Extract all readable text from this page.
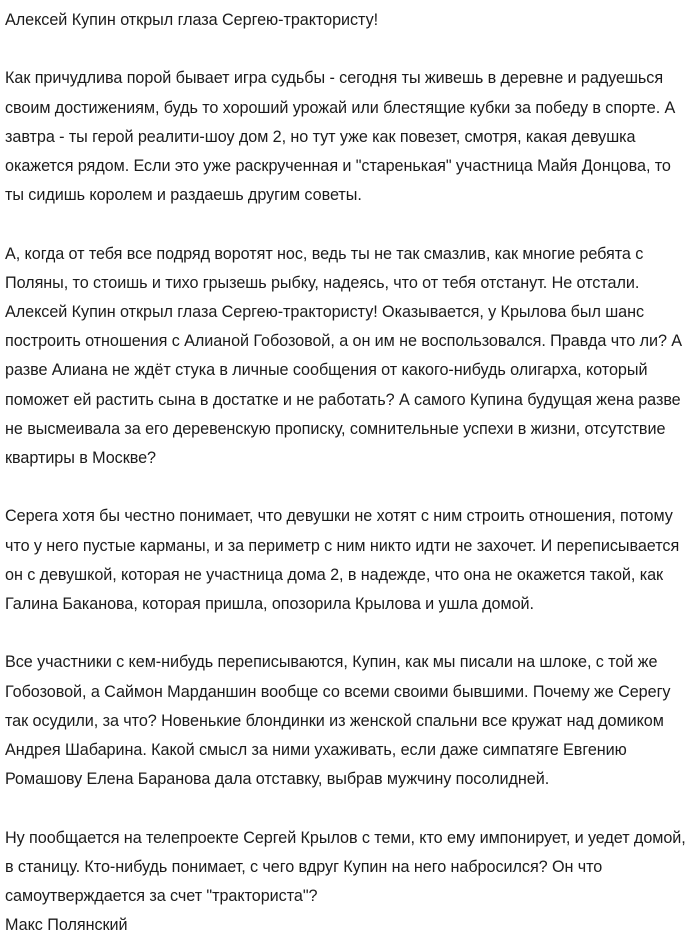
Алексей Купин открыл глаза Сергею-трактористу!

Как причудлива порой бывает игра судьбы - сегодня ты живешь в деревне и радуешься своим достижениям, будь то хороший урожай или блестящие кубки за победу в спорте. А завтра - ты герой реалити-шоу дом 2, но тут уже как повезет, смотря, какая девушка окажется рядом. Если это уже раскрученная и "старенькая" участница Майя Донцова, то ты сидишь королем и раздаешь другим советы.

А, когда от тебя все подряд воротят нос, ведь ты не так смазлив, как многие ребята с Поляны, то стоишь и тихо грызешь рыбку, надеясь, что от тебя отстанут. Не отстали. Алексей Купин открыл глаза Сергею-трактористу! Оказывается, у Крылова был шанс построить отношения с Алианой Гобозовой, а он им не воспользовался. Правда что ли? А разве Алиана не ждёт стука в личные сообщения от какого-нибудь олигарха, который поможет ей растить сына в достатке и не работать? А самого Купина будущая жена разве не высмеивала за его деревенскую прописку, сомнительные успехи в жизни, отсутствие квартиры в Москве?

Серега хотя бы честно понимает, что девушки не хотят с ним строить отношения, потому что у него пустые карманы, и за периметр с ним никто идти не захочет. И переписывается он с девушкой, которая не участница дома 2, в надежде, что она не окажется такой, как Галина Баканова, которая пришла, опозорила Крылова и ушла домой.

Все участники с кем-нибудь переписываются, Купин, как мы писали на шлоке, с той же Гобозовой, а Саймон Марданшин вообще со всеми своими бывшими. Почему же Серегу так осудили, за что? Новенькие блондинки из женской спальни все кружат над домиком Андрея Шабарина. Какой смысл за ними ухаживать, если даже симпатяге Евгению Ромашову Елена Баранова дала отставку, выбрав мужчину посолидней.

Ну пообщается на телепроекте Сергей Крылов с теми, кто ему импонирует, и уедет домой, в станицу. Кто-нибудь понимает, с чего вдруг Купин на него набросился? Он что самоутверждается за счет "тракториста"?

Макс Полянский
